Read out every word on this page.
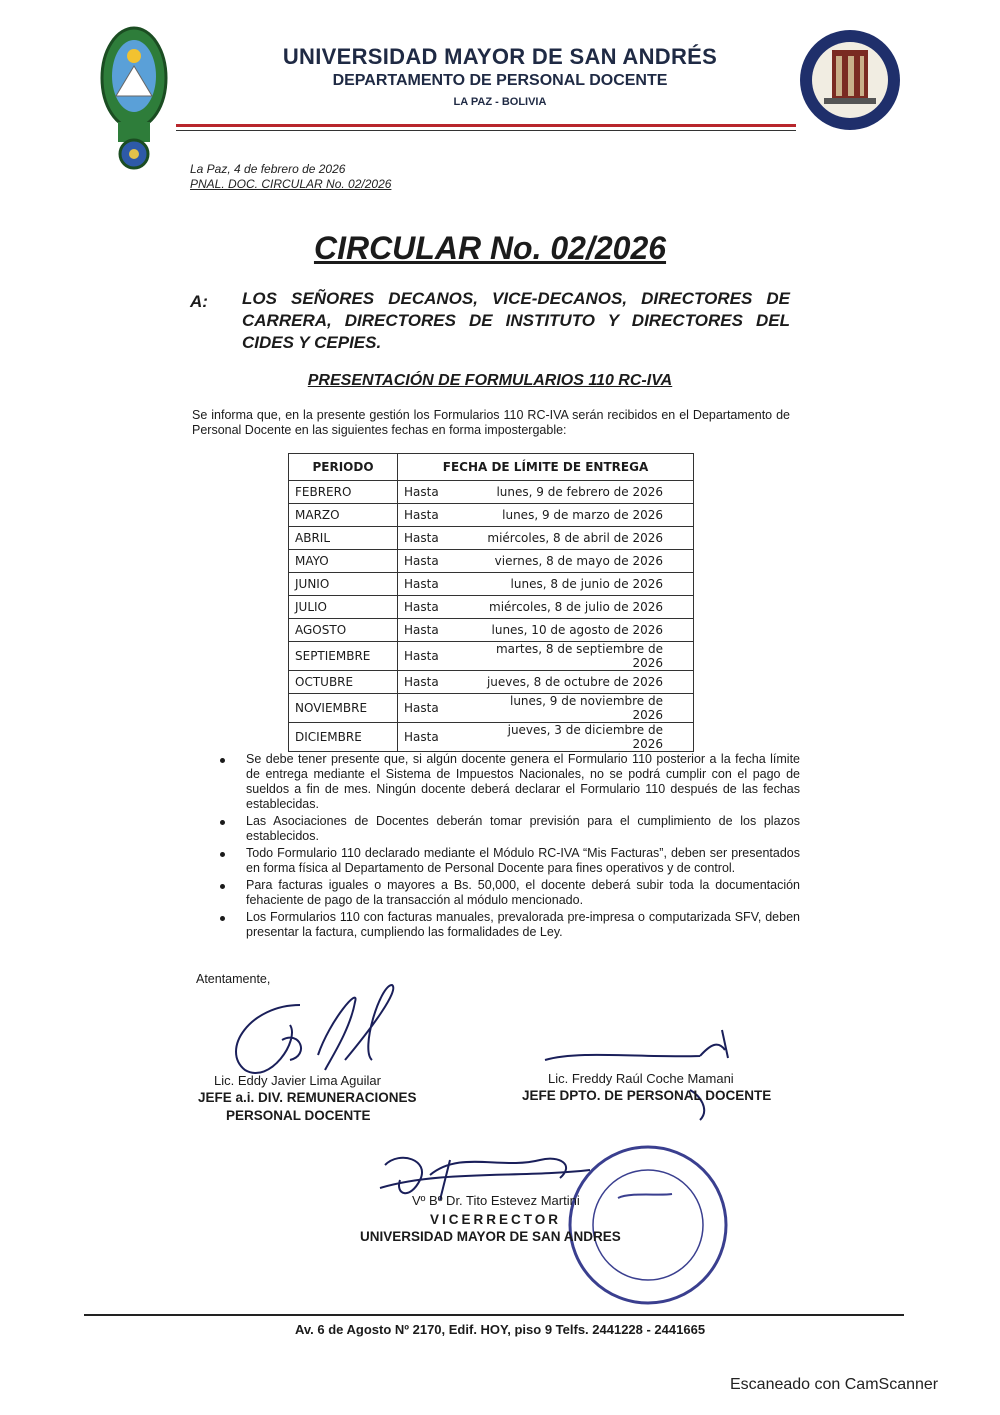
UNIVERSIDAD MAYOR DE SAN ANDRÉS
DEPARTAMENTO DE PERSONAL DOCENTE
LA PAZ - BOLIVIA
La Paz, 4 de febrero de 2026
PNAL. DOC. CIRCULAR No. 02/2026
CIRCULAR No. 02/2026
A: LOS SEÑORES DECANOS, VICE-DECANOS, DIRECTORES DE CARRERA, DIRECTORES DE INSTITUTO Y DIRECTORES DEL CIDES Y CEPIES.
PRESENTACIÓN DE FORMULARIOS 110 RC-IVA
Se informa que, en la presente gestión los Formularios 110 RC-IVA serán recibidos en el Departamento de Personal Docente en las siguientes fechas en forma impostergable:
PERIODO	FECHA DE LÍMITE DE ENTREGA	
FEBRERO	Hasta	lunes, 9 de febrero de 2026
MARZO	Hasta	lunes, 9 de marzo de 2026
ABRIL	Hasta	miércoles, 8 de abril de 2026
MAYO	Hasta	viernes, 8 de mayo de 2026
JUNIO	Hasta	lunes, 8 de junio de 2026
JULIO	Hasta	miércoles, 8 de julio de 2026
AGOSTO	Hasta	lunes, 10 de agosto de 2026
SEPTIEMBRE	Hasta	martes, 8 de septiembre de 2026
OCTUBRE	Hasta	jueves, 8 de octubre de 2026
NOVIEMBRE	Hasta	lunes, 9 de noviembre de 2026
DICIEMBRE	Hasta	jueves, 3 de diciembre de 2026
Se debe tener presente que, si algún docente genera el Formulario 110 posterior a la fecha límite de entrega mediante el Sistema de Impuestos Nacionales, no se podrá cumplir con el pago de sueldos a fin de mes. Ningún docente deberá declarar el Formulario 110 después de las fechas establecidas.
Las Asociaciones de Docentes deberán tomar previsión para el cumplimiento de los plazos establecidos.
Todo Formulario 110 declarado mediante el Módulo RC-IVA “Mis Facturas”, deben ser presentados en forma física al Departamento de Personal Docente para fines operativos y de control.
Para facturas iguales o mayores a Bs. 50,000, el docente deberá subir toda la documentación fehaciente de pago de la transacción al módulo mencionado.
Los Formularios 110 con facturas manuales, prevalorada pre-impresa o computarizada SFV, deben presentar la factura, cumpliendo las formalidades de Ley.
Atentamente,
Lic. Eddy Javier Lima Aguilar
JEFE a.i. DIV. REMUNERACIONES
PERSONAL DOCENTE
Lic. Freddy Raúl Coche Mamani
JEFE DPTO. DE PERSONAL DOCENTE
Vº Bº Dr. Tito Estevez Martini
VICERRECTOR
UNIVERSIDAD MAYOR DE SAN ANDRES
Av. 6 de Agosto Nº 2170, Edif. HOY, piso 9 Telfs. 2441228 - 2441665
Escaneado con CamScanner
